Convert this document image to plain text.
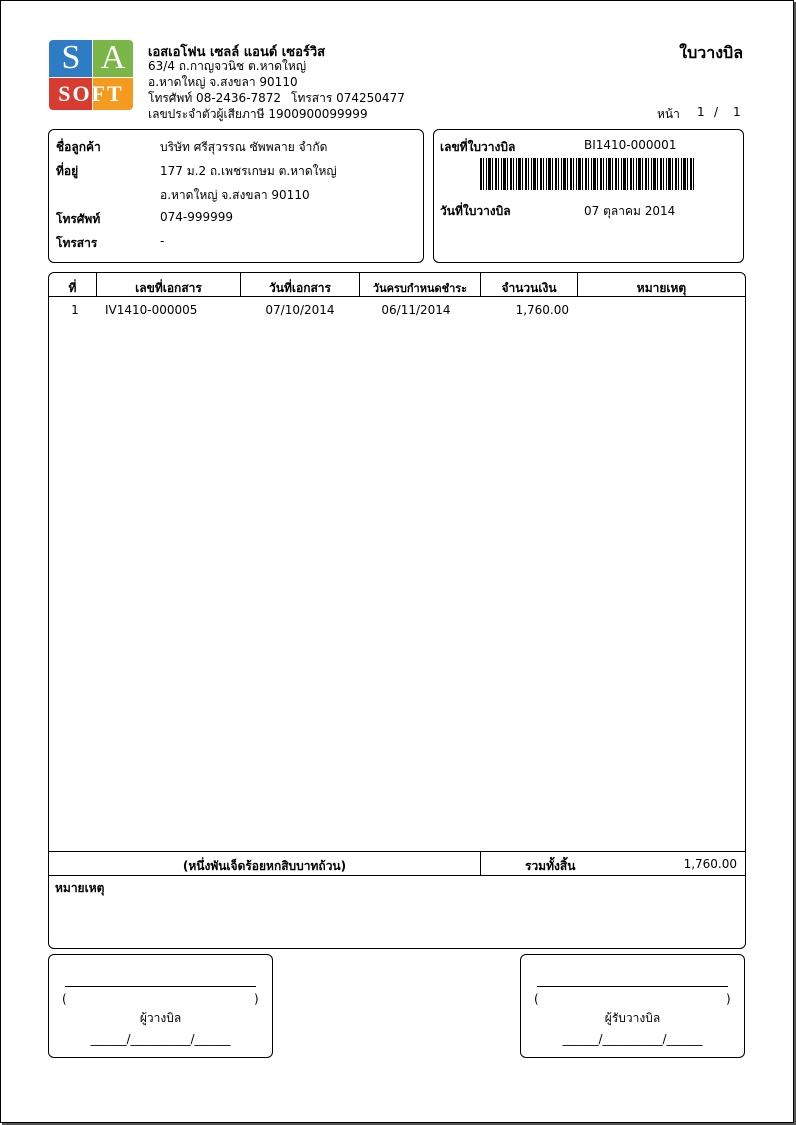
S A
SOFT
เอสเอโฟน เซลล์ แอนด์ เซอร์วิส
63/4 ถ.กาญจวนิช ต.หาดใหญ่
อ.หาดใหญ่ จ.สงขลา 90110
โทรศัพท์ 08-2436-7872 โทรสาร 074250477
เลขประจำตัวผู้เสียภาษี 1900900099999
ใบวางบิล
หน้า 1 / 1
ชื่อลูกค้า	บริษัท ศรีสุวรรณ ซัพพลาย จำกัด
ที่อยู่	177 ม.2 ถ.เพชรเกษม ต.หาดใหญ่
อ.หาดใหญ่ จ.สงขลา 90110
โทรศัพท์	074-999999
โทรสาร	-
เลขที่ใบวางบิล	BI1410-000001
วันที่ใบวางบิล	07 ตุลาคม 2014
ที่	เลขที่เอกสาร	วันที่เอกสาร	วันครบกำหนดชำระ	จำนวนเงิน	หมายเหตุ
1	IV1410-000005	07/10/2014	06/11/2014	1,760.00
(หนึ่งพันเจ็ดร้อยหกสิบบาทถ้วน)	รวมทั้งสิ้น	1,760.00
หมายเหตุ
(	)
ผู้วางบิล
______/__________/______
(	)
ผู้รับวางบิล
______/__________/______
